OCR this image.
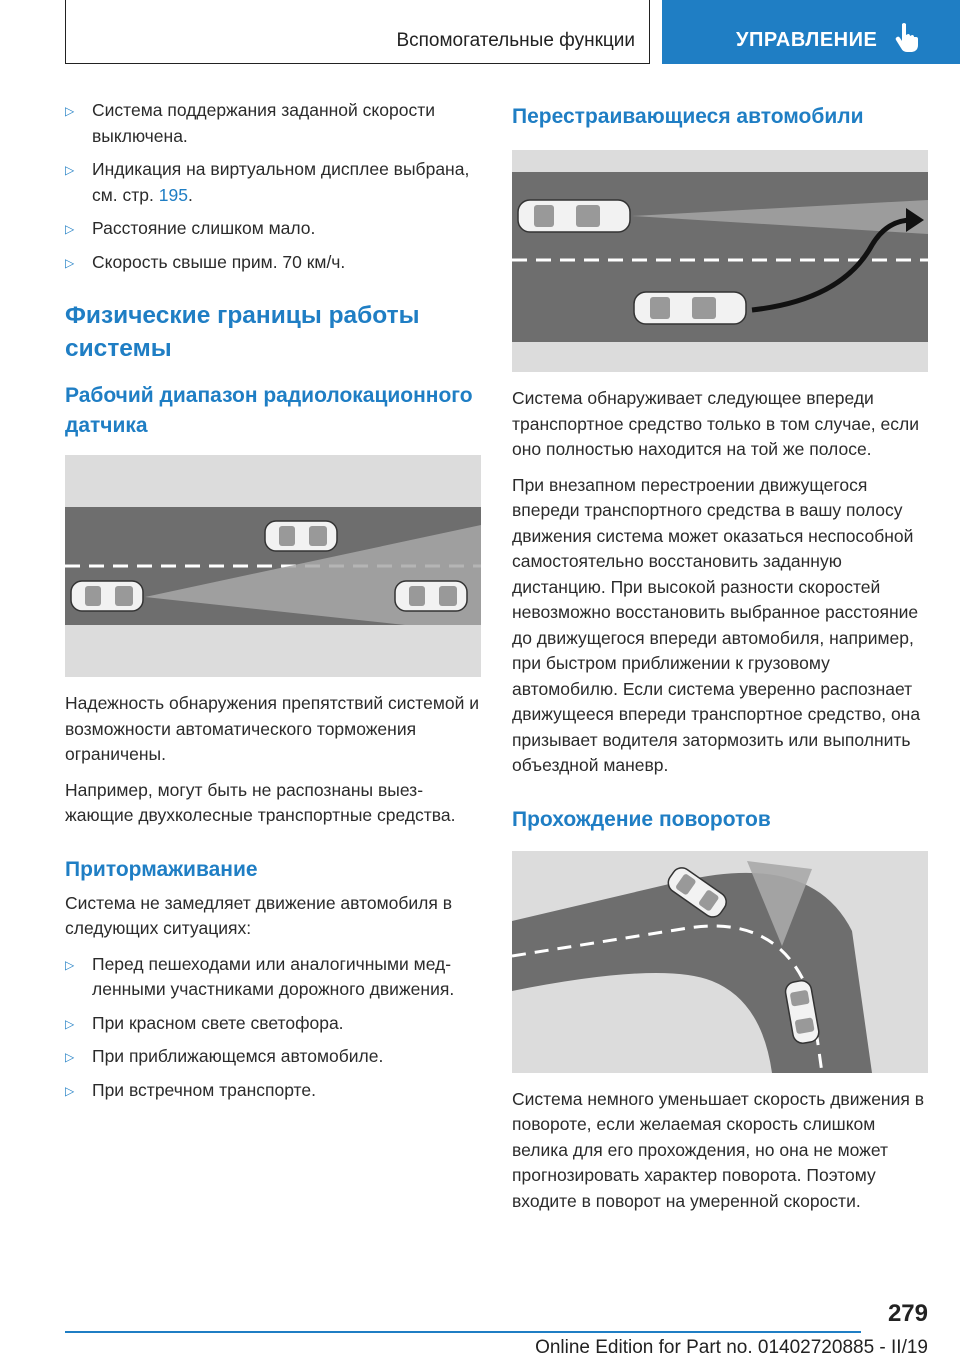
Вспомогательные функции	УПРАВЛЕНИЕ
▷ Система поддержания заданной скорости выключена.
▷ Индикация на виртуальном дисплее выбрана, см. стр. 195.
▷ Расстояние слишком мало.
▷ Скорость свыше прим. 70 км/ч.
Физические границы работы системы
Рабочий диапазон радиолокационного датчика

Надежность обнаружения препятствий системой и возможности автоматического торможения ограничены.

Например, могут быть не распознаны выезжающие двухколесные транспортные средства.

Притормаживание

Система не замедляет движение автомобиля в следующих ситуациях:

▷ Перед пешеходами или аналогичными медленными участниками дорожного движения.
▷ При красном свете светофора.
▷ При приближающемся автомобиле.
▷ При встречном транспорте.
Перестраивающиеся автомобили

Система обнаруживает следующее впереди транспортное средство только в том случае, если оно полностью находится на той же полосе.

При внезапном перестроении движущегося впереди транспортного средства в вашу полосу движения система может оказаться неспособной самостоятельно восстановить заданную дистанцию. При высокой разности скоростей невозможно восстановить выбранное расстояние до движущегося впереди автомобиля, например, при быстром приближении к грузовому автомобилю. Если система уверенно распознает движущееся впереди транспортное средство, она призывает водителя затормозить или выполнить объездной маневр.

Прохождение поворотов

Система немного уменьшает скорость движения в повороте, если желаемая скорость слишком велика для его прохождения, но она не может прогнозировать характер поворота. Поэтому входите в поворот на умеренной скорости.

279
Online Edition for Part no. 01402720885 - II/19
